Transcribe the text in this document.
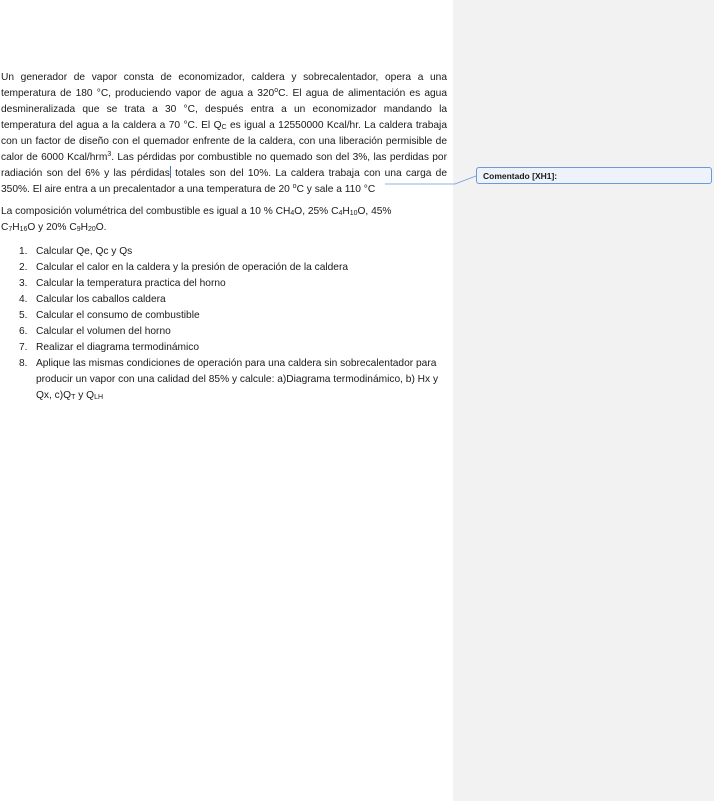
Un generador de vapor consta de economizador, caldera y sobrecalentador, opera a una temperatura de 180 °C, produciendo vapor de agua a 320$^o$C. El agua de alimentación es agua desmineralizada que se trata a 30 °C, después entra a un economizador mandando la temperatura del agua a la caldera a 70 °C. El $Q_C$ es igual a 12550000 Kcal/hr. La caldera trabaja con un factor de diseño con el quemador enfrente de la caldera, con una liberación permisible de calor de 6000 Kcal/hrm$^3$. Las pérdidas por combustible no quemado son del 3%, las perdidas por radiación son del 6% y las pérdidas totales son del 10%. La caldera trabaja con una carga de 350%. El aire entra a un precalentador a una temperatura de 20 $^o$C y sale a 110 °C

La composición volumétrica del combustible es igual a 10 % $CH_4O$, 25% $C_4H_{10}O$, 45% $C_7H_{16}O$ y 20% $C_9H_{20}O$.

1. Calcular Qe, Qc y Qs
2. Calcular el calor en la caldera y la presión de operación de la caldera
3. Calcular la temperatura practica del horno
4. Calcular los caballos caldera
5. Calcular el consumo de combustible
6. Calcular el volumen del horno
7. Realizar el diagrama termodinámico
8. Aplique las mismas condiciones de operación para una caldera sin sobrecalentador para producir un vapor con una calidad del 85% y calcule: a)Diagrama termodinámico, b) Hx y Qx, $c)Q_T$ y $Q_{LH}$
Comentado [XH1]:
